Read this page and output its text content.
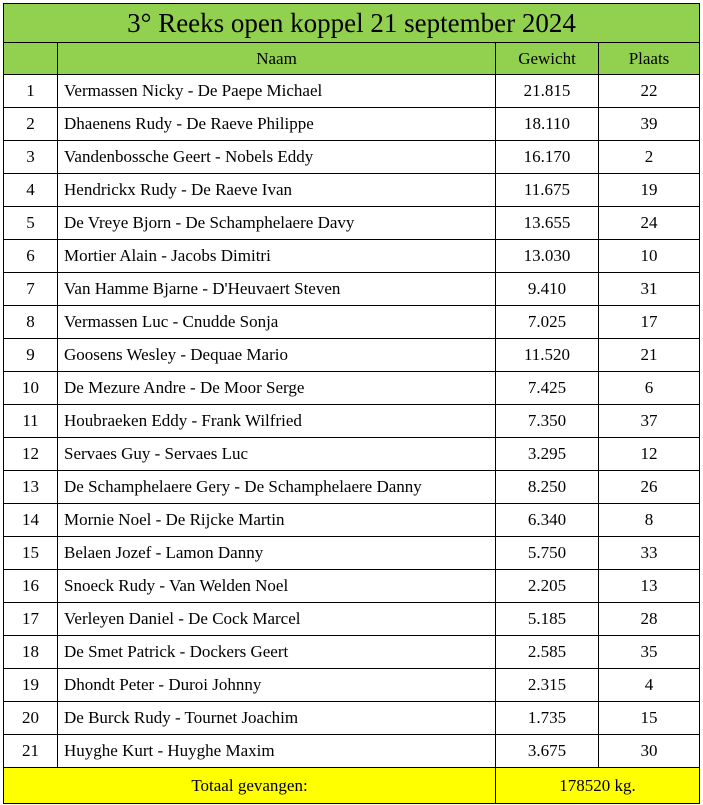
3° Reeks open koppel 21 september 2024			
	Naam	Gewicht	Plaats
1	Vermassen Nicky - De Paepe Michael	21.815	22
2	Dhaenens Rudy - De Raeve Philippe	18.110	39
3	Vandenbossche Geert - Nobels Eddy	16.170	2
4	Hendrickx Rudy - De Raeve Ivan	11.675	19
5	De Vreye Bjorn - De Schamphelaere Davy	13.655	24
6	Mortier Alain - Jacobs Dimitri	13.030	10
7	Van Hamme Bjarne - D'Heuvaert Steven	9.410	31
8	Vermassen Luc - Cnudde Sonja	7.025	17
9	Goosens Wesley - Dequae Mario	11.520	21
10	De Mezure Andre - De Moor Serge	7.425	6
11	Houbraeken Eddy - Frank Wilfried	7.350	37
12	Servaes Guy - Servaes Luc	3.295	12
13	De Schamphelaere Gery - De Schamphelaere Danny	8.250	26
14	Mornie Noel - De Rijcke Martin	6.340	8
15	Belaen Jozef - Lamon Danny	5.750	33
16	Snoeck Rudy - Van Welden Noel	2.205	13
17	Verleyen Daniel - De Cock Marcel	5.185	28
18	De Smet Patrick - Dockers Geert	2.585	35
19	Dhondt Peter - Duroi Johnny	2.315	4
20	De Burck Rudy - Tournet Joachim	1.735	15
21	Huyghe Kurt - Huyghe Maxim	3.675	30
Totaal gevangen:		178520 kg.	
